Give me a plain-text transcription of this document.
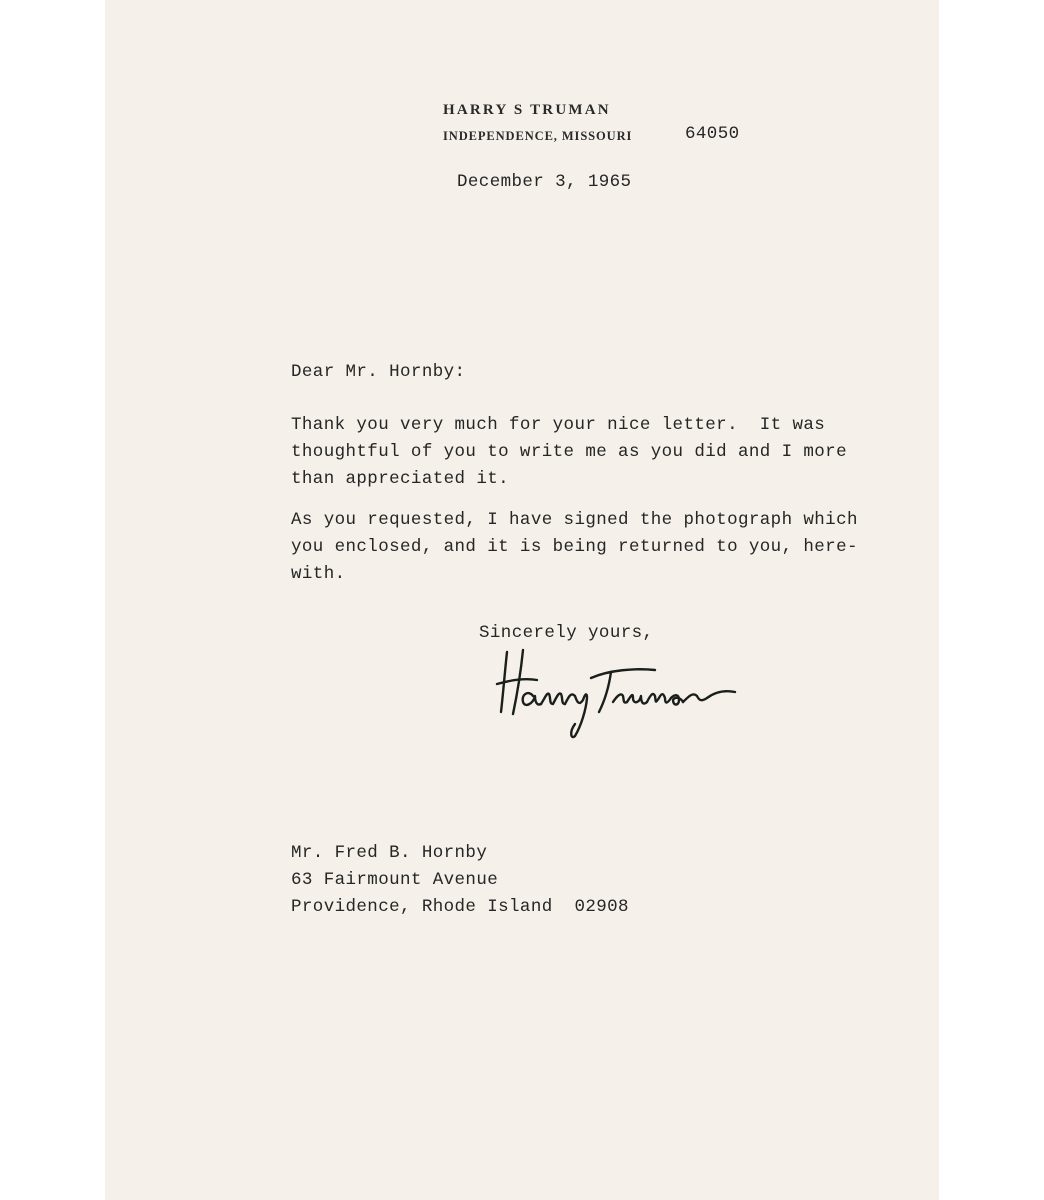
HARRY S TRUMAN
INDEPENDENCE, MISSOURI	64050
December 3, 1965
Dear Mr. Hornby:
Thank you very much for your nice letter.  It was
thoughtful of you to write me as you did and I more
than appreciated it.
As you requested, I have signed the photograph which
you enclosed, and it is being returned to you, here-
with.
Sincerely yours,
Mr. Fred B. Hornby
63 Fairmount Avenue
Providence, Rhode Island  02908
